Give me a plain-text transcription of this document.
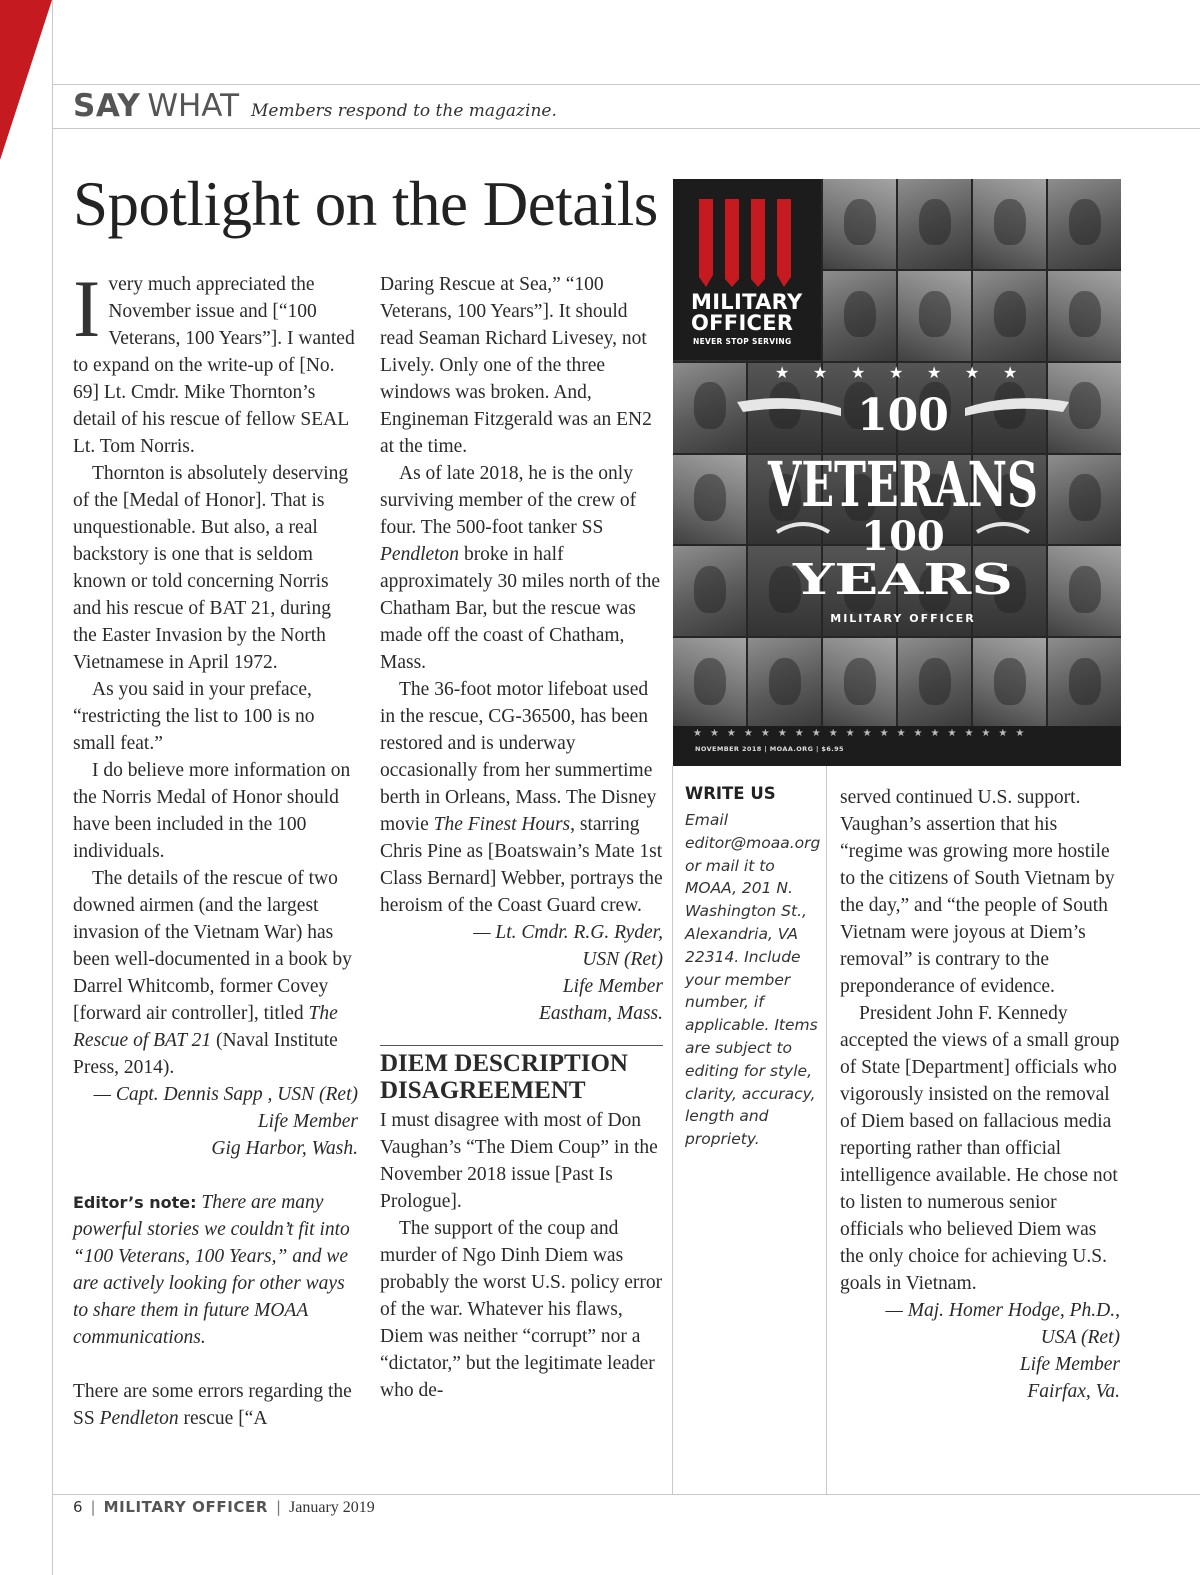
SAY WHAT Members respond to the magazine.
Spotlight on the Details

Ivery much appreciated the November issue and [“100 Veterans, 100 Years”]. I wanted to expand on the write-up of [No. 69] Lt. Cmdr. Mike Thornton’s detail of his rescue of fellow SEAL Lt. Tom Norris.

Thornton is absolutely deserving of the [Medal of Honor]. That is unquestionable. But also, a real backstory is one that is seldom known or told concerning Norris and his rescue of BAT 21, during the Easter Invasion by the North Vietnamese in April 1972.

As you said in your preface, “restricting the list to 100 is no small feat.”

I do believe more information on the Norris Medal of Honor should have been included in the 100 individuals.

The details of the rescue of two downed airmen (and the largest invasion of the Vietnam War) has been well-documented in a book by Darrel Whitcomb, former Covey [forward air controller], titled The Rescue of BAT 21 (Naval Institute Press, 2014).

— Capt. Dennis Sapp , USN (Ret)

Life Member

Gig Harbor, Wash.

Editor’s note: There are many powerful stories we couldn’t fit into “100 Veterans, 100 Years,” and we are actively looking for other ways to share them in future MOAA communications.

There are some errors regarding the SS Pendleton rescue [“A

Daring Rescue at Sea,” “100 Veterans, 100 Years”]. It should read Seaman Richard Livesey, not Lively. Only one of the three windows was broken. And, Engineman Fitzgerald was an EN2 at the time.

As of late 2018, he is the only surviving member of the crew of four. The 500-foot tanker SS Pendleton broke in half approximately 30 miles north of the Chatham Bar, but the rescue was made off the coast of Chatham, Mass.

The 36-foot motor lifeboat used in the rescue, CG-36500, has been restored and is underway occasionally from her summertime berth in Orleans, Mass. The Disney movie The Finest Hours, starring Chris Pine as [Boatswain’s Mate 1st Class Bernard] Webber, portrays the heroism of the Coast Guard crew.

— Lt. Cmdr. R.G. Ryder,

USN (Ret)

Life Member

Eastham, Mass.

DIEM DESCRIPTION
DISAGREEMENT

I must disagree with most of Don Vaughan’s “The Diem Coup” in the November 2018 issue [Past Is Prologue].

The support of the coup and murder of Ngo Dinh Diem was probably the worst U.S. policy error of the war. Whatever his flaws, Diem was neither “corrupt” nor a “dictator,” but the legitimate leader who de-

MILITARY
OFFICER
NEVER STOP SERVING
★ ★ ★ ★ ★ ★ ★
100
VETERANS
100
YEARS
MILITARY OFFICER
★★★★★★★★★★★★★★★★★★★★
NOVEMBER 2018 | MOAA.ORG | $6.95
WRITE US
Email editor@moaa.org or mail it to MOAA, 201 N. Washington St., Alexandria, VA 22314. Include your member number, if applicable. Items are subject to editing for style, clarity, accuracy, length and propriety.

served continued U.S. support. Vaughan’s assertion that his “regime was growing more hostile to the citizens of South Vietnam by the day,” and “the people of South Vietnam were joyous at Diem’s removal” is contrary to the preponderance of evidence.

President John F. Kennedy accepted the views of a small group of State [Department] officials who vigorously insisted on the removal of Diem based on fallacious media reporting rather than official intelligence available. He chose not to listen to numerous senior officials who believed Diem was the only choice for achieving U.S. goals in Vietnam.

— Maj. Homer Hodge, Ph.D.,

USA (Ret)

Life Member

Fairfax, Va.

6 | MILITARY OFFICER | January 2019
